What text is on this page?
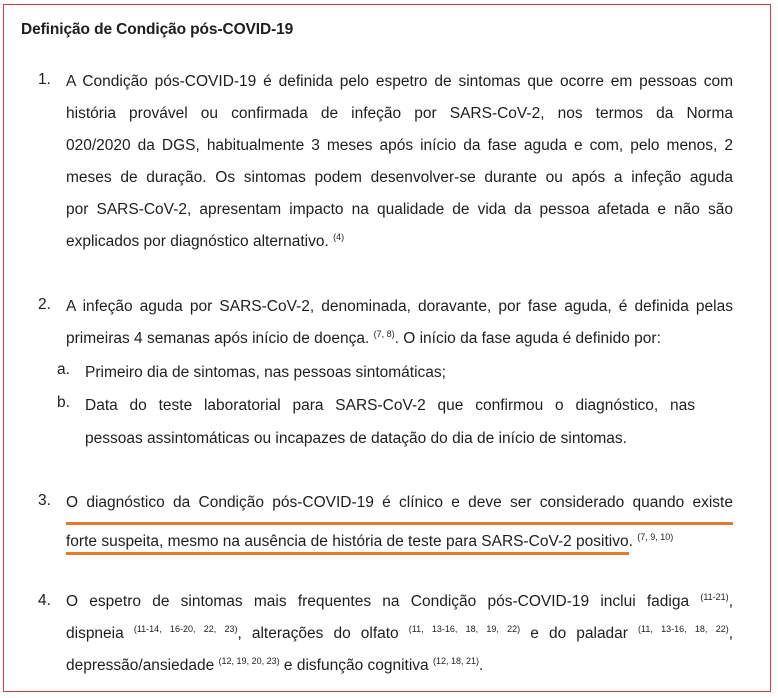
Definição de Condição pós-COVID-19
1. A Condição pós-COVID-19 é definida pelo espetro de sintomas que ocorre em pessoas com
história provável ou confirmada de infeção por SARS-CoV-2, nos termos da Norma
020/2020 da DGS, habitualmente 3 meses após início da fase aguda e com, pelo menos, 2
meses de duração. Os sintomas podem desenvolver-se durante ou após a infeção aguda
por SARS-CoV-2, apresentam impacto na qualidade de vida da pessoa afetada e não são
explicados por diagnóstico alternativo. $^{(4)}$
2. A infeção aguda por SARS-CoV-2, denominada, doravante, por fase aguda, é definida pelas
primeiras 4 semanas após início de doença. $^{(7, 8)}$. O início da fase aguda é definido por:
a. Primeiro dia de sintomas, nas pessoas sintomáticas;
b. Data do teste laboratorial para SARS-CoV-2 que confirmou o diagnóstico, nas
pessoas assintomáticas ou incapazes de datação do dia de início de sintomas.
3. O diagnóstico da Condição pós-COVID-19 é clínico e deve ser considerado quando existe
forte suspeita, mesmo na ausência de história de teste para SARS-CoV-2 positivo. $^{(7, 9, 10)}$
4. O espetro de sintomas mais frequentes na Condição pós-COVID-19 inclui fadiga $^{(11-21)}$,
dispneia $^{(11-14, 16-20, 22, 23)}$, alterações do olfato $^{(11, 13-16, 18, 19, 22)}$ e do paladar $^{(11, 13-16, 18, 22)}$,
depressão/ansiedade $^{(12, 19, 20, 23)}$ e disfunção cognitiva $^{(12, 18, 21)}$.
